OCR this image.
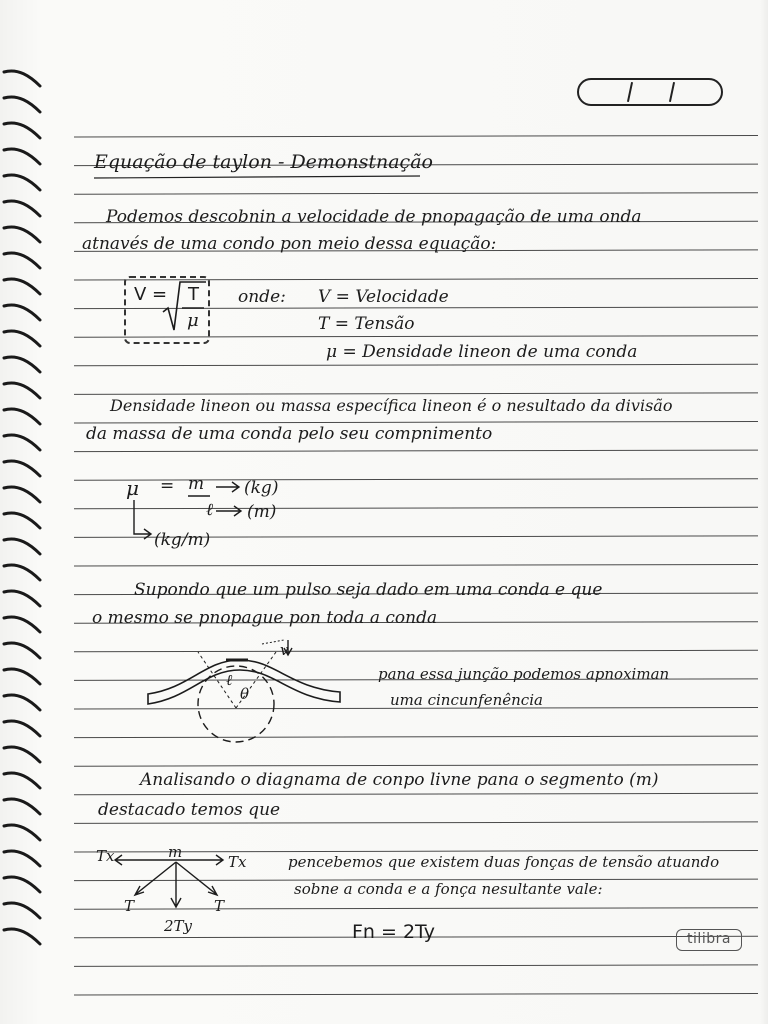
Equação de taylon - Demonstnação
Podemos descobnin a velocidade de pnopagação de uma onda
atnavés de uma condo pon meio dessa equação:
V = T
μ
onde: V = Velocidade
T = Tensão
μ = Densidade lineon de uma conda
Densidade lineon ou massa específica lineon é o nesultado da divisão
da massa de uma conda pelo seu compnimento
μ = m (kg)
ℓ (m)
(kg/m)
Supondo que um pulso seja dado em uma conda e que
o mesmo se pnopague pon toda a conda
v
ℓ
θ
pana essa junção podemos apnoximan
uma cincunfenência
Analisando o diagnama de conpo livne pana o segmento (m)
destacado temos que
Tx	m
Tx
T	T
2Ty
pencebemos que existem duas fonças de tensão atuando
sobne a conda e a fonça nesultante vale:
Fn = 2Ty	tilibra
